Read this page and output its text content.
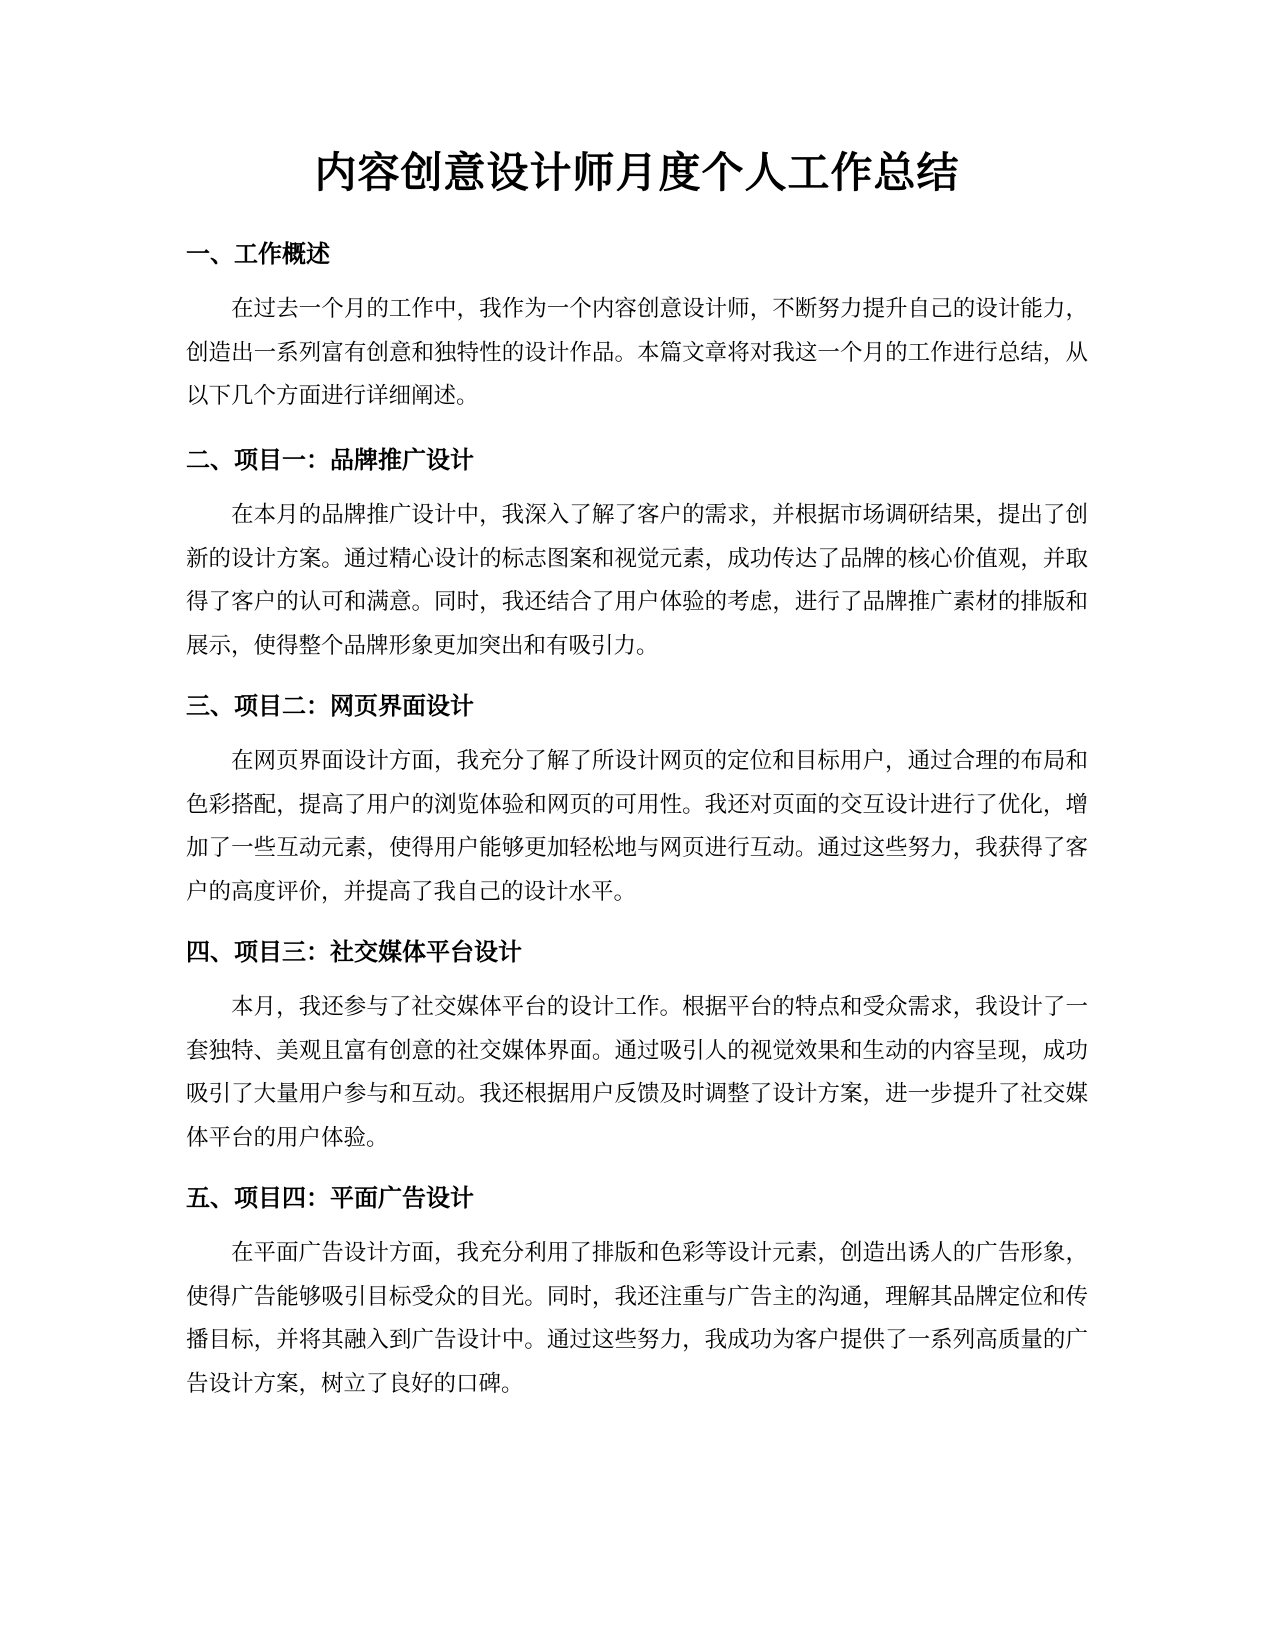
内容创意设计师月度个人工作总结
一、工作概述

在过去一个月的工作中，我作为一个内容创意设计师，不断努力提升自己的设计能力，创造出一系列富有创意和独特性的设计作品。本篇文章将对我这一个月的工作进行总结，从以下几个方面进行详细阐述。

二、项目一：品牌推广设计

在本月的品牌推广设计中，我深入了解了客户的需求，并根据市场调研结果，提出了创新的设计方案。通过精心设计的标志图案和视觉元素，成功传达了品牌的核心价值观，并取得了客户的认可和满意。同时，我还结合了用户体验的考虑，进行了品牌推广素材的排版和展示，使得整个品牌形象更加突出和有吸引力。

三、项目二：网页界面设计

在网页界面设计方面，我充分了解了所设计网页的定位和目标用户，通过合理的布局和色彩搭配，提高了用户的浏览体验和网页的可用性。我还对页面的交互设计进行了优化，增加了一些互动元素，使得用户能够更加轻松地与网页进行互动。通过这些努力，我获得了客户的高度评价，并提高了我自己的设计水平。

四、项目三：社交媒体平台设计

本月，我还参与了社交媒体平台的设计工作。根据平台的特点和受众需求，我设计了一套独特、美观且富有创意的社交媒体界面。通过吸引人的视觉效果和生动的内容呈现，成功吸引了大量用户参与和互动。我还根据用户反馈及时调整了设计方案，进一步提升了社交媒体平台的用户体验。

五、项目四：平面广告设计

在平面广告设计方面，我充分利用了排版和色彩等设计元素，创造出诱人的广告形象，使得广告能够吸引目标受众的目光。同时，我还注重与广告主的沟通，理解其品牌定位和传播目标，并将其融入到广告设计中。通过这些努力，我成功为客户提供了一系列高质量的广告设计方案，树立了良好的口碑。
